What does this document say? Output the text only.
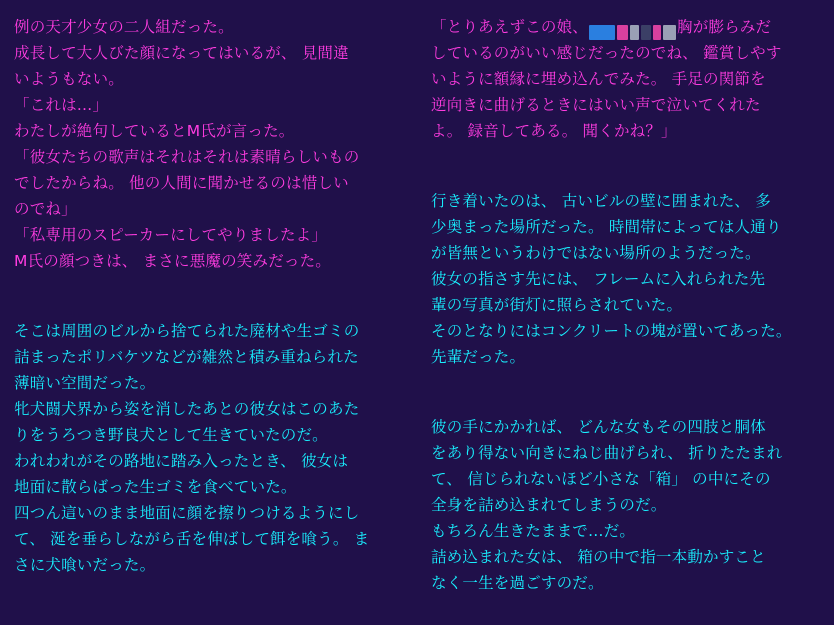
例の天才少女の二人組だった。
成長して大人びた顔になってはいるが、 見間違
いようもない。
「これは…」
わたしが絶句しているとM氏が言った。
「彼女たちの歌声はそれはそれは素晴らしいもの
でしたからね。 他の人間に聞かせるのは惜しい
のでね」
「私専用のスピーカーにしてやりましたよ」
M氏の顔つきは、 まさに悪魔の笑みだった。
そこは周囲のビルから捨てられた廃材や生ゴミの
詰まったポリバケツなどが雑然と積み重ねられた
薄暗い空間だった。
牝犬闘犬界から姿を消したあとの彼女はこのあた
りをうろつき野良犬として生きていたのだ。
われわれがその路地に踏み入ったとき、 彼女は
地面に散らばった生ゴミを食べていた。
四つん這いのまま地面に顔を擦りつけるようにし
て、 涎を垂らしながら舌を伸ばして餌を喰う。 ま
さに犬喰いだった。
「とりあえずこの娘、	胸が膨らみだ
しているのがいい感じだったのでね、 鑑賞しやす
いように額縁に埋め込んでみた。 手足の関節を
逆向きに曲げるときにはいい声で泣いてくれた
よ。 録音してある。 聞くかね？」
行き着いたのは、 古いビルの壁に囲まれた、 多
少奥まった場所だった。 時間帯によっては人通り
が皆無というわけではない場所のようだった。
彼女の指さす先には、 フレームに入れられた先
輩の写真が街灯に照らされていた。
そのとなりにはコンクリートの塊が置いてあった。
先輩だった。
彼の手にかかれば、 どんな女もその四肢と胴体
をあり得ない向きにねじ曲げられ、 折りたたまれ
て、 信じられないほど小さな「箱」 の中にその
全身を詰め込まれてしまうのだ。
もちろん生きたままで…だ。
詰め込まれた女は、 箱の中で指一本動かすこと
なく一生を過ごすのだ。
